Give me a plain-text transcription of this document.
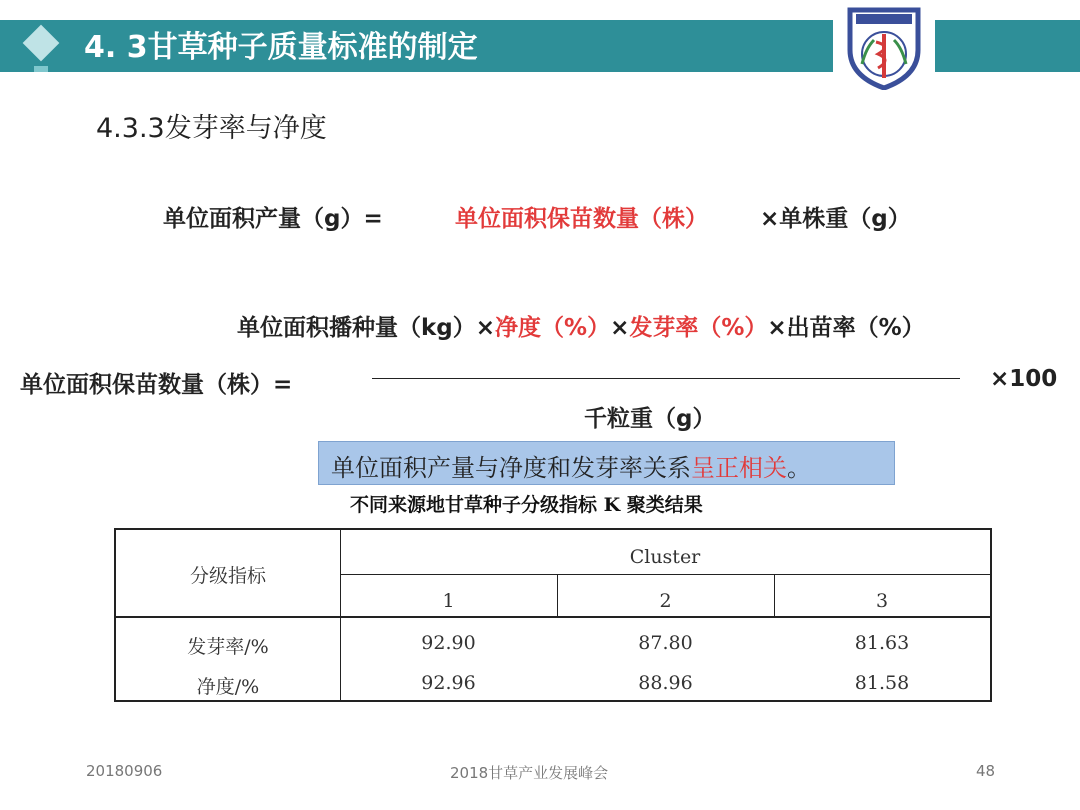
4. 3甘草种子质量标准的制定
4.3.3发芽率与净度
单位面积产量（g）=	单位面积保苗数量（株） ×单株重（g）
单位面积播种量（kg）×净度（%）×发芽率（%）×出苗率（%）
单位面积保苗数量（株）=	×100
千粒重（g）
单位面积产量与净度和发芽率关系呈正相关。
不同来源地甘草种子分级指标 K 聚类结果
分级指标
Cluster
1	2	3
发芽率/%	92.90	87.80	81.63
净度/%	92.96	88.96	81.58
20180906	2018甘草产业发展峰会	48
